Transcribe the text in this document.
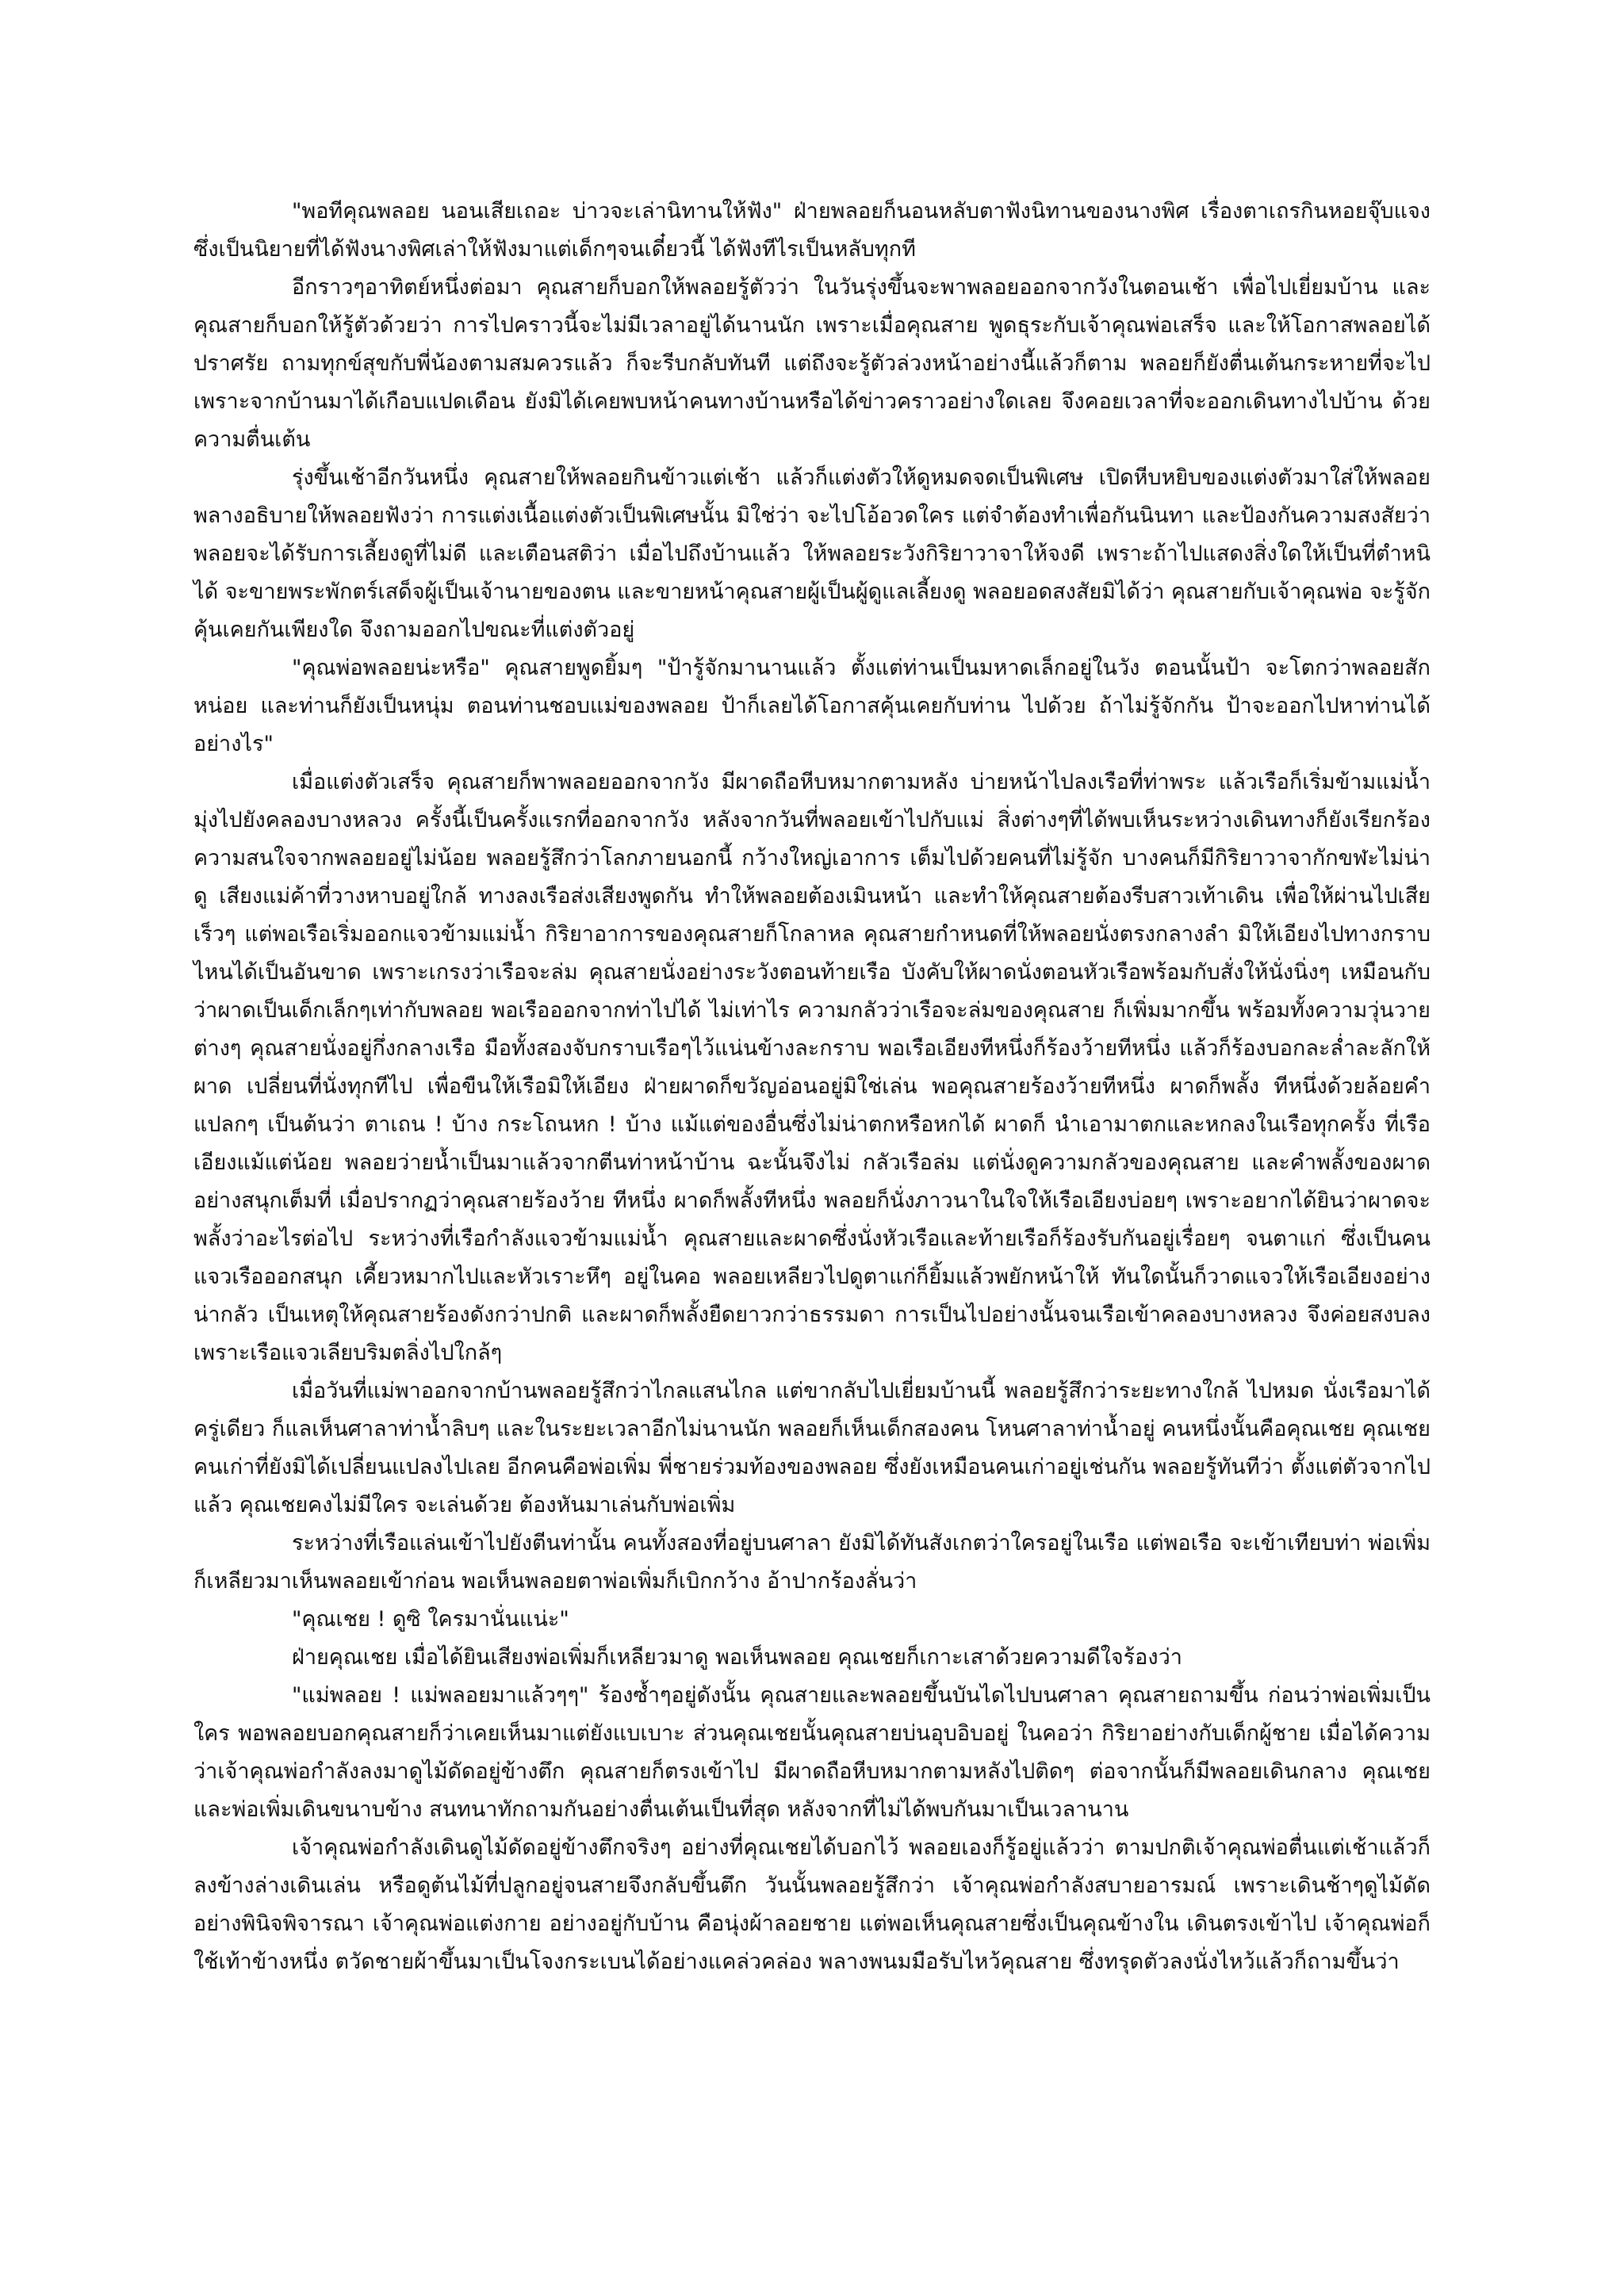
"พอทีคุณพลอย นอนเสียเถอะ บ่าวจะเล่านิทานให้ฟัง" ฝ่ายพลอยก็นอนหลับตาฟังนิทานของนางพิศ เรื่องตาเถรกินหอยจุ๊บแจง ซึ่งเป็นนิยายที่ได้ฟังนางพิศเล่าให้ฟังมาแต่เด็กๆจนเดี๋ยวนี้ ได้ฟังทีไรเป็นหลับทุกที

อีกราวๆอาทิตย์หนึ่งต่อมา คุณสายก็บอกให้พลอยรู้ตัวว่า ในวันรุ่งขึ้นจะพาพลอยออกจากวังในตอนเช้า เพื่อไปเยี่ยมบ้าน และคุณสายก็บอกให้รู้ตัวด้วยว่า การไปคราวนี้จะไม่มีเวลาอยู่ได้นานนัก เพราะเมื่อคุณสาย พูดธุระกับเจ้าคุณพ่อเสร็จ และให้โอกาสพลอยได้ปราศรัย ถามทุกข์สุขกับพี่น้องตามสมควรแล้ว ก็จะรีบกลับทันที แต่ถึงจะรู้ตัวล่วงหน้าอย่างนี้แล้วก็ตาม พลอยก็ยังตื่นเต้นกระหายที่จะไป เพราะจากบ้านมาได้เกือบแปดเดือน ยังมิได้เคยพบหน้าคนทางบ้านหรือได้ข่าวคราวอย่างใดเลย จึงคอยเวลาที่จะออกเดินทางไปบ้าน ด้วยความตื่นเต้น

รุ่งขึ้นเช้าอีกวันหนึ่ง คุณสายให้พลอยกินข้าวแต่เช้า แล้วก็แต่งตัวให้ดูหมดจดเป็นพิเศษ เปิดหีบหยิบของแต่งตัวมาใส่ให้พลอย พลางอธิบายให้พลอยฟังว่า การแต่งเนื้อแต่งตัวเป็นพิเศษนั้น มิใช่ว่า จะไปโอ้อวดใคร แต่จำต้องทำเพื่อกันนินทา และป้องกันความสงสัยว่า พลอยจะได้รับการเลี้ยงดูที่ไม่ดี และเตือนสติว่า เมื่อไปถึงบ้านแล้ว ให้พลอยระวังกิริยาวาจาให้จงดี เพราะถ้าไปแสดงสิ่งใดให้เป็นที่ตำหนิได้ จะขายพระพักตร์เสด็จผู้เป็นเจ้านายของตน และขายหน้าคุณสายผู้เป็นผู้ดูแลเลี้ยงดู พลอยอดสงสัยมิได้ว่า คุณสายกับเจ้าคุณพ่อ จะรู้จักคุ้นเคยกันเพียงใด จึงถามออกไปขณะที่แต่งตัวอยู่

"คุณพ่อพลอยน่ะหรือ" คุณสายพูดยิ้มๆ "ป้ารู้จักมานานแล้ว ตั้งแต่ท่านเป็นมหาดเล็กอยู่ในวัง ตอนนั้นป้า จะโตกว่าพลอยสักหน่อย และท่านก็ยังเป็นหนุ่ม ตอนท่านชอบแม่ของพลอย ป้าก็เลยได้โอกาสคุ้นเคยกับท่าน ไปด้วย ถ้าไม่รู้จักกัน ป้าจะออกไปหาท่านได้อย่างไร"

เมื่อแต่งตัวเสร็จ คุณสายก็พาพลอยออกจากวัง มีผาดถือหีบหมากตามหลัง บ่ายหน้าไปลงเรือที่ท่าพระ แล้วเรือก็เริ่มข้ามแม่น้ำมุ่งไปยังคลองบางหลวง ครั้งนี้เป็นครั้งแรกที่ออกจากวัง หลังจากวันที่พลอยเข้าไปกับแม่ สิ่งต่างๆที่ได้พบเห็นระหว่างเดินทางก็ยังเรียกร้องความสนใจจากพลอยอยู่ไม่น้อย พลอยรู้สึกว่าโลกภายนอกนี้ กว้างใหญ่เอาการ เต็มไปด้วยคนที่ไม่รู้จัก บางคนก็มีกิริยาวาจากักขฬะไม่น่าดู เสียงแม่ค้าที่วางหาบอยู่ใกล้ ทางลงเรือส่งเสียงพูดกัน ทำให้พลอยต้องเมินหน้า และทำให้คุณสายต้องรีบสาวเท้าเดิน เพื่อให้ผ่านไปเสียเร็วๆ แต่พอเรือเริ่มออกแจวข้ามแม่น้ำ กิริยาอาการของคุณสายก็โกลาหล คุณสายกำหนดที่ให้พลอยนั่งตรงกลางลำ มิให้เอียงไปทางกราบไหนได้เป็นอันขาด เพราะเกรงว่าเรือจะล่ม คุณสายนั่งอย่างระวังตอนท้ายเรือ บังคับให้ผาดนั่งตอนหัวเรือพร้อมกับสั่งให้นั่งนิ่งๆ เหมือนกับว่าผาดเป็นเด็กเล็กๆเท่ากับพลอย พอเรือออกจากท่าไปได้ ไม่เท่าไร ความกลัวว่าเรือจะล่มของคุณสาย ก็เพิ่มมากขึ้น พร้อมทั้งความวุ่นวายต่างๆ คุณสายนั่งอยู่กึ่งกลางเรือ มือทั้งสองจับกราบเรือๆไว้แน่นข้างละกราบ พอเรือเอียงทีหนึ่งก็ร้องว้ายทีหนึ่ง แล้วก็ร้องบอกละล่ำละลักให้ผาด เปลี่ยนที่นั่งทุกทีไป เพื่อขืนให้เรือมิให้เอียง ฝ่ายผาดก็ขวัญอ่อนอยู่มิใช่เล่น พอคุณสายร้องว้ายทีหนึ่ง ผาดก็พลั้ง ทีหนึ่งด้วยล้อยคำแปลกๆ เป็นต้นว่า ตาเถน ! บ้าง กระโถนหก ! บ้าง แม้แต่ของอื่นซึ่งไม่น่าตกหรือหกได้ ผาดก็ นำเอามาตกและหกลงในเรือทุกครั้ง ที่เรือเอียงแม้แต่น้อย พลอยว่ายน้ำเป็นมาแล้วจากตีนท่าหน้าบ้าน ฉะนั้นจึงไม่ กลัวเรือล่ม แต่นั่งดูความกลัวของคุณสาย และคำพลั้งของผาดอย่างสนุกเต็มที่ เมื่อปรากฏว่าคุณสายร้องว้าย ทีหนึ่ง ผาดก็พลั้งทีหนึ่ง พลอยก็นั่งภาวนาในใจให้เรือเอียงบ่อยๆ เพราะอยากได้ยินว่าผาดจะพลั้งว่าอะไรต่อไป ระหว่างที่เรือกำลังแจวข้ามแม่น้ำ คุณสายและผาดซึ่งนั่งหัวเรือและท้ายเรือก็ร้องรับกันอยู่เรื่อยๆ จนตาแก่ ซึ่งเป็นคนแจวเรือออกสนุก เคี้ยวหมากไปและหัวเราะหึๆ อยู่ในคอ พลอยเหลียวไปดูตาแก่ก็ยิ้มแล้วพยักหน้าให้ ทันใดนั้นก็วาดแจวให้เรือเอียงอย่างน่ากลัว เป็นเหตุให้คุณสายร้องดังกว่าปกติ และผาดก็พลั้งยืดยาวกว่าธรรมดา การเป็นไปอย่างนั้นจนเรือเข้าคลองบางหลวง จึงค่อยสงบลง เพราะเรือแจวเลียบริมตลิ่งไปใกล้ๆ

เมื่อวันที่แม่พาออกจากบ้านพลอยรู้สึกว่าไกลแสนไกล แต่ขากลับไปเยี่ยมบ้านนี้ พลอยรู้สึกว่าระยะทางใกล้ ไปหมด นั่งเรือมาได้ครู่เดียว ก็แลเห็นศาลาท่าน้ำลิบๆ และในระยะเวลาอีกไม่นานนัก พลอยก็เห็นเด็กสองคน โหนศาลาท่าน้ำอยู่ คนหนึ่งนั้นคือคุณเชย คุณเชยคนเก่าที่ยังมิได้เปลี่ยนแปลงไปเลย อีกคนคือพ่อเพิ่ม พี่ชายร่วมท้องของพลอย ซึ่งยังเหมือนคนเก่าอยู่เช่นกัน พลอยรู้ทันทีว่า ตั้งแต่ตัวจากไปแล้ว คุณเชยคงไม่มีใคร จะเล่นด้วย ต้องหันมาเล่นกับพ่อเพิ่ม

ระหว่างที่เรือแล่นเข้าไปยังตีนท่านั้น คนทั้งสองที่อยู่บนศาลา ยังมิได้ทันสังเกตว่าใครอยู่ในเรือ แต่พอเรือ จะเข้าเทียบท่า พ่อเพิ่มก็เหลียวมาเห็นพลอยเข้าก่อน พอเห็นพลอยตาพ่อเพิ่มก็เบิกกว้าง อ้าปากร้องลั่นว่า

"คุณเชย ! ดูซิ ใครมานั่นแน่ะ"

ฝ่ายคุณเชย เมื่อได้ยินเสียงพ่อเพิ่มก็เหลียวมาดู พอเห็นพลอย คุณเชยก็เกาะเสาด้วยความดีใจร้องว่า

"แม่พลอย ! แม่พลอยมาแล้วๆๆ" ร้องซ้ำๆอยู่ดังนั้น คุณสายและพลอยขึ้นบันไดไปบนศาลา คุณสายถามขึ้น ก่อนว่าพ่อเพิ่มเป็นใคร พอพลอยบอกคุณสายก็ว่าเคยเห็นมาแต่ยังแบเบาะ ส่วนคุณเชยนั้นคุณสายบ่นอุบอิบอยู่ ในคอว่า กิริยาอย่างกับเด็กผู้ชาย เมื่อได้ความว่าเจ้าคุณพ่อกำลังลงมาดูไม้ดัดอยู่ข้างตึก คุณสายก็ตรงเข้าไป มีผาดถือหีบหมากตามหลังไปติดๆ ต่อจากนั้นก็มีพลอยเดินกลาง คุณเชยและพ่อเพิ่มเดินขนาบข้าง สนทนาทักถามกันอย่างตื่นเต้นเป็นที่สุด หลังจากที่ไม่ได้พบกันมาเป็นเวลานาน

เจ้าคุณพ่อกำลังเดินดูไม้ดัดอยู่ข้างตึกจริงๆ อย่างที่คุณเชยได้บอกไว้ พลอยเองก็รู้อยู่แล้วว่า ตามปกติเจ้าคุณพ่อตื่นแต่เช้าแล้วก็ลงข้างล่างเดินเล่น หรือดูต้นไม้ที่ปลูกอยู่จนสายจึงกลับขึ้นตึก วันนั้นพลอยรู้สึกว่า เจ้าคุณพ่อกำลังสบายอารมณ์ เพราะเดินช้าๆดูไม้ดัดอย่างพินิจพิจารณา เจ้าคุณพ่อแต่งกาย อย่างอยู่กับบ้าน คือนุ่งผ้าลอยชาย แต่พอเห็นคุณสายซึ่งเป็นคุณข้างใน เดินตรงเข้าไป เจ้าคุณพ่อก็ใช้เท้าข้างหนึ่ง ตวัดชายผ้าขึ้นมาเป็นโจงกระเบนได้อย่างแคล่วคล่อง พลางพนมมือรับไหว้คุณสาย ซึ่งทรุดตัวลงนั่งไหว้แล้วก็ถามขึ้นว่า
